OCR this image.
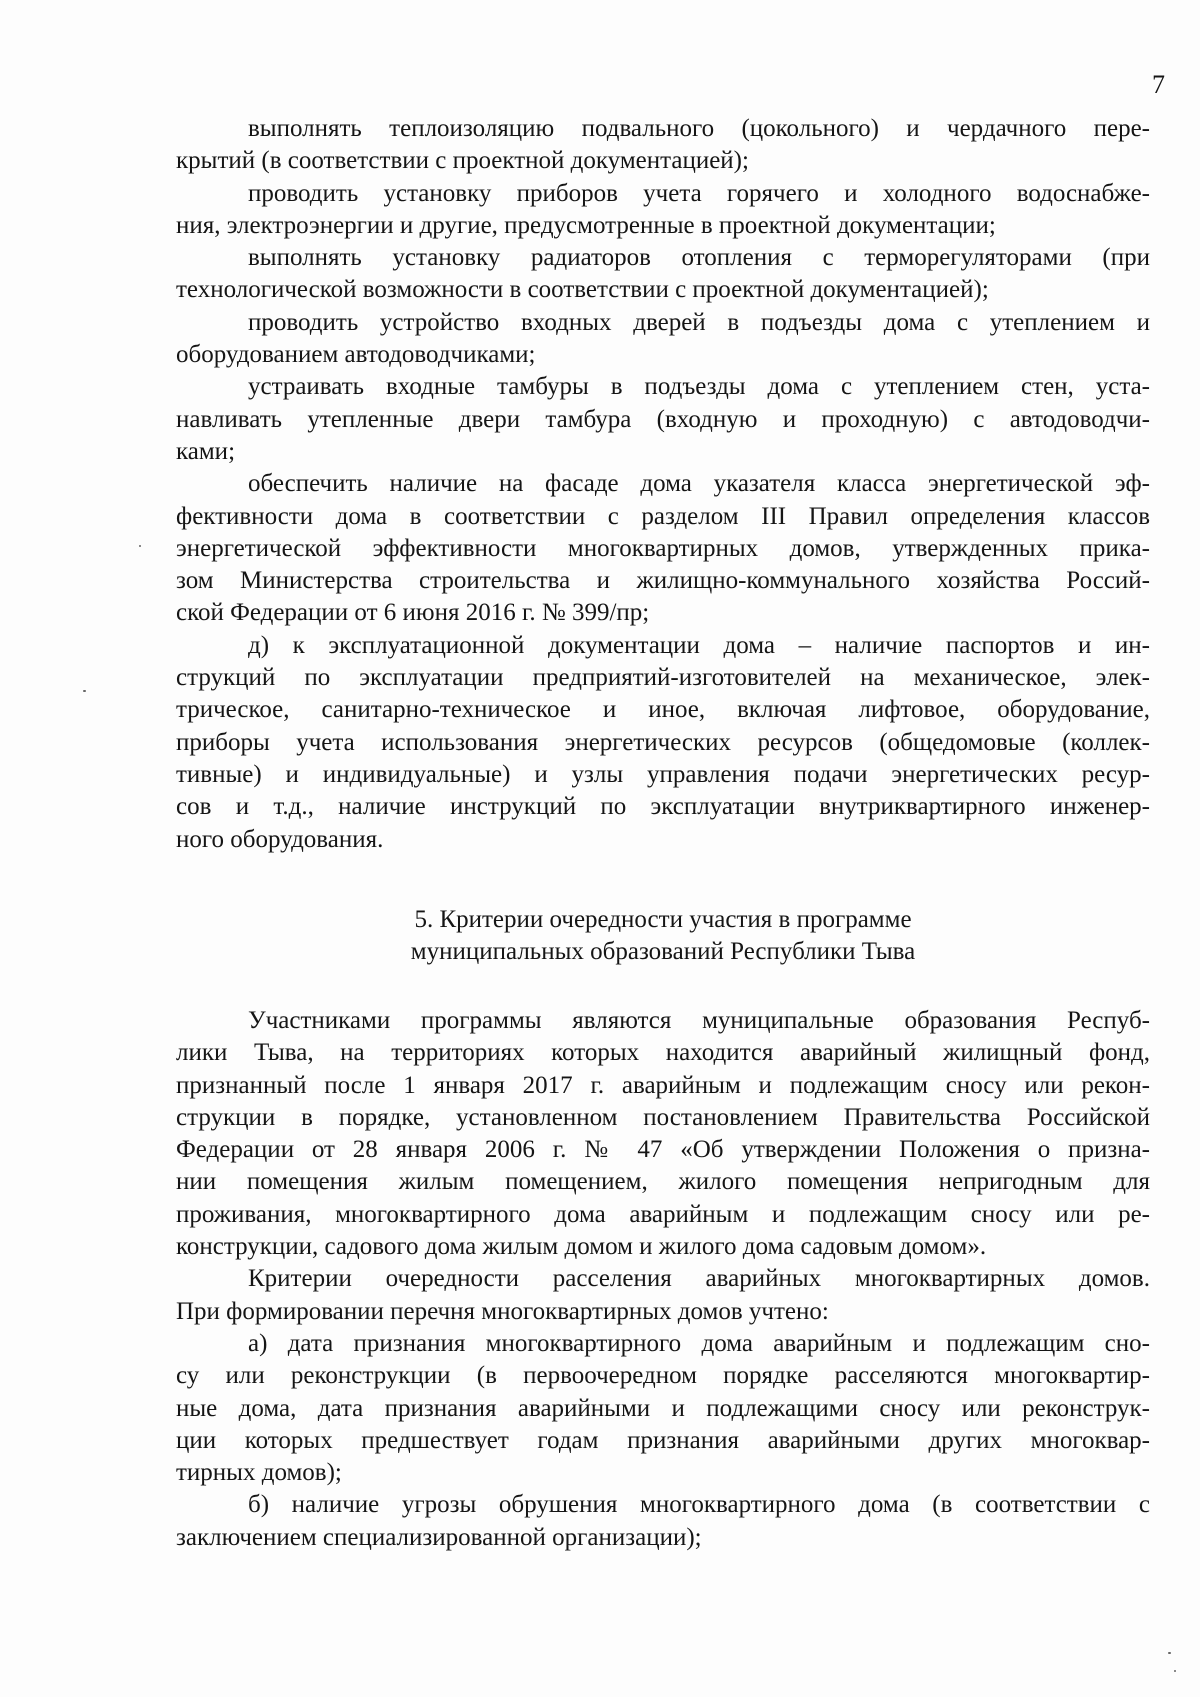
7
выполнять теплоизоляцию подвального (цокольного) и чердачного пере-
крытий (в соответствии с проектной документацией);
проводить установку приборов учета горячего и холодного водоснабже-
ния, электроэнергии и другие, предусмотренные в проектной документации;
выполнять установку радиаторов отопления с терморегуляторами (при
технологической возможности в соответствии с проектной документацией);
проводить устройство входных дверей в подъезды дома с утеплением и
оборудованием автодоводчиками;
устраивать входные тамбуры в подъезды дома с утеплением стен, уста-
навливать утепленные двери тамбура (входную и проходную) с автодоводчи-
ками;
обеспечить наличие на фасаде дома указателя класса энергетической эф-
фективности дома в соответствии с разделом III Правил определения классов
энергетической эффективности многоквартирных домов, утвержденных прика-
зом Министерства строительства и жилищно-коммунального хозяйства Россий-
ской Федерации от 6 июня 2016 г. № 399/пр;
д) к эксплуатационной документации дома – наличие паспортов и ин-
струкций по эксплуатации предприятий-изготовителей на механическое, элек-
трическое, санитарно-техническое и иное, включая лифтовое, оборудование,
приборы учета использования энергетических ресурсов (общедомовые (коллек-
тивные) и индивидуальные) и узлы управления подачи энергетических ресур-
сов и т.д., наличие инструкций по эксплуатации внутриквартирного инженер-
ного оборудования.
5. Критерии очередности участия в программе
муниципальных образований Республики Тыва
Участниками программы являются муниципальные образования Респуб-
лики Тыва, на территориях которых находится аварийный жилищный фонд,
признанный после 1 января 2017 г. аварийным и подлежащим сносу или рекон-
струкции в порядке, установленном постановлением Правительства Российской
Федерации от 28 января 2006 г. № 47 «Об утверждении Положения о призна-
нии помещения жилым помещением, жилого помещения непригодным для
проживания, многоквартирного дома аварийным и подлежащим сносу или ре-
конструкции, садового дома жилым домом и жилого дома садовым домом».
Критерии очередности расселения аварийных многоквартирных домов.
При формировании перечня многоквартирных домов учтено:
а) дата признания многоквартирного дома аварийным и подлежащим сно-
су или реконструкции (в первоочередном порядке расселяются многоквартир-
ные дома, дата признания аварийными и подлежащими сносу или реконструк-
ции которых предшествует годам признания аварийными других многоквар-
тирных домов);
б) наличие угрозы обрушения многоквартирного дома (в соответствии с
заключением специализированной организации);
